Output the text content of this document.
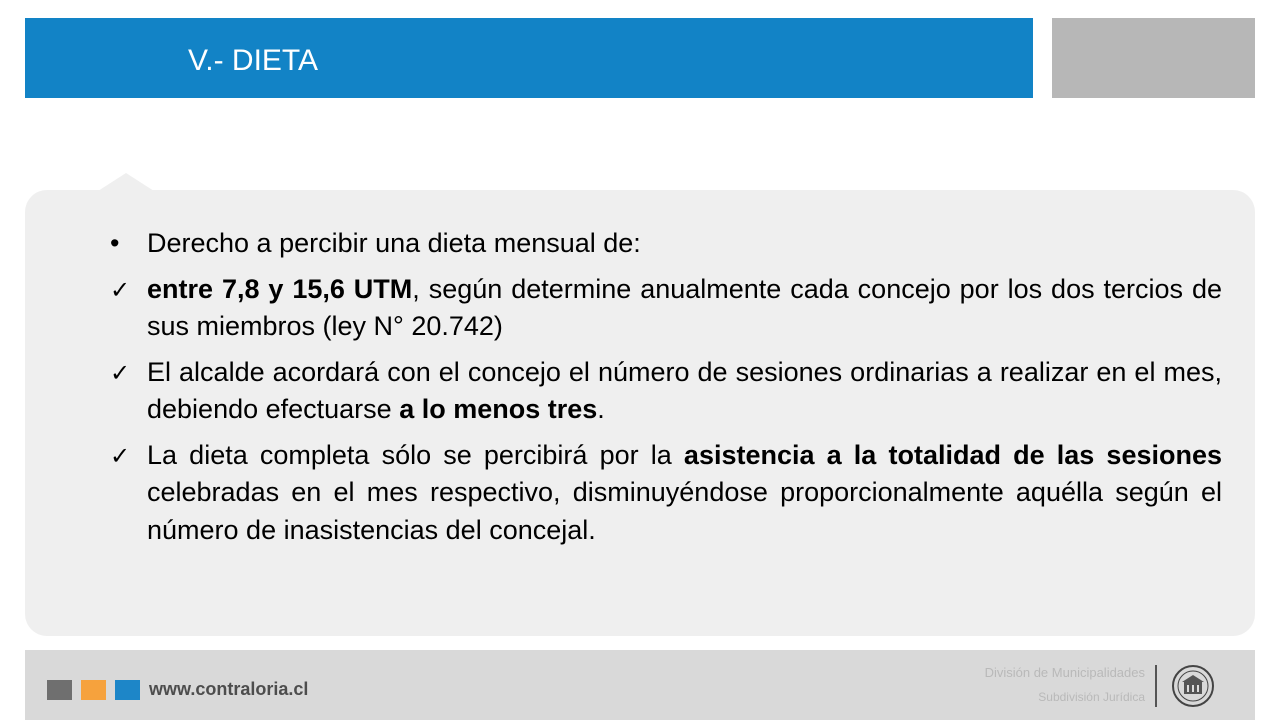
V.- DIETA
•	Derecho a percibir una dieta mensual de:
✓ entre 7,8 y 15,6 UTM, según determine anualmente cada concejo por los dos tercios de sus miembros (ley N° 20.742)
✓ El alcalde acordará con el concejo el número de sesiones ordinarias a realizar en el mes, debiendo efectuarse a lo menos tres.
✓ La dieta completa sólo se percibirá por la asistencia a la totalidad de las sesiones celebradas en el mes respectivo, disminuyéndose proporcionalmente aquélla según el número de inasistencias del concejal.
www.contraloria.cl
División de Municipalidades
Subdivisión Jurídica
